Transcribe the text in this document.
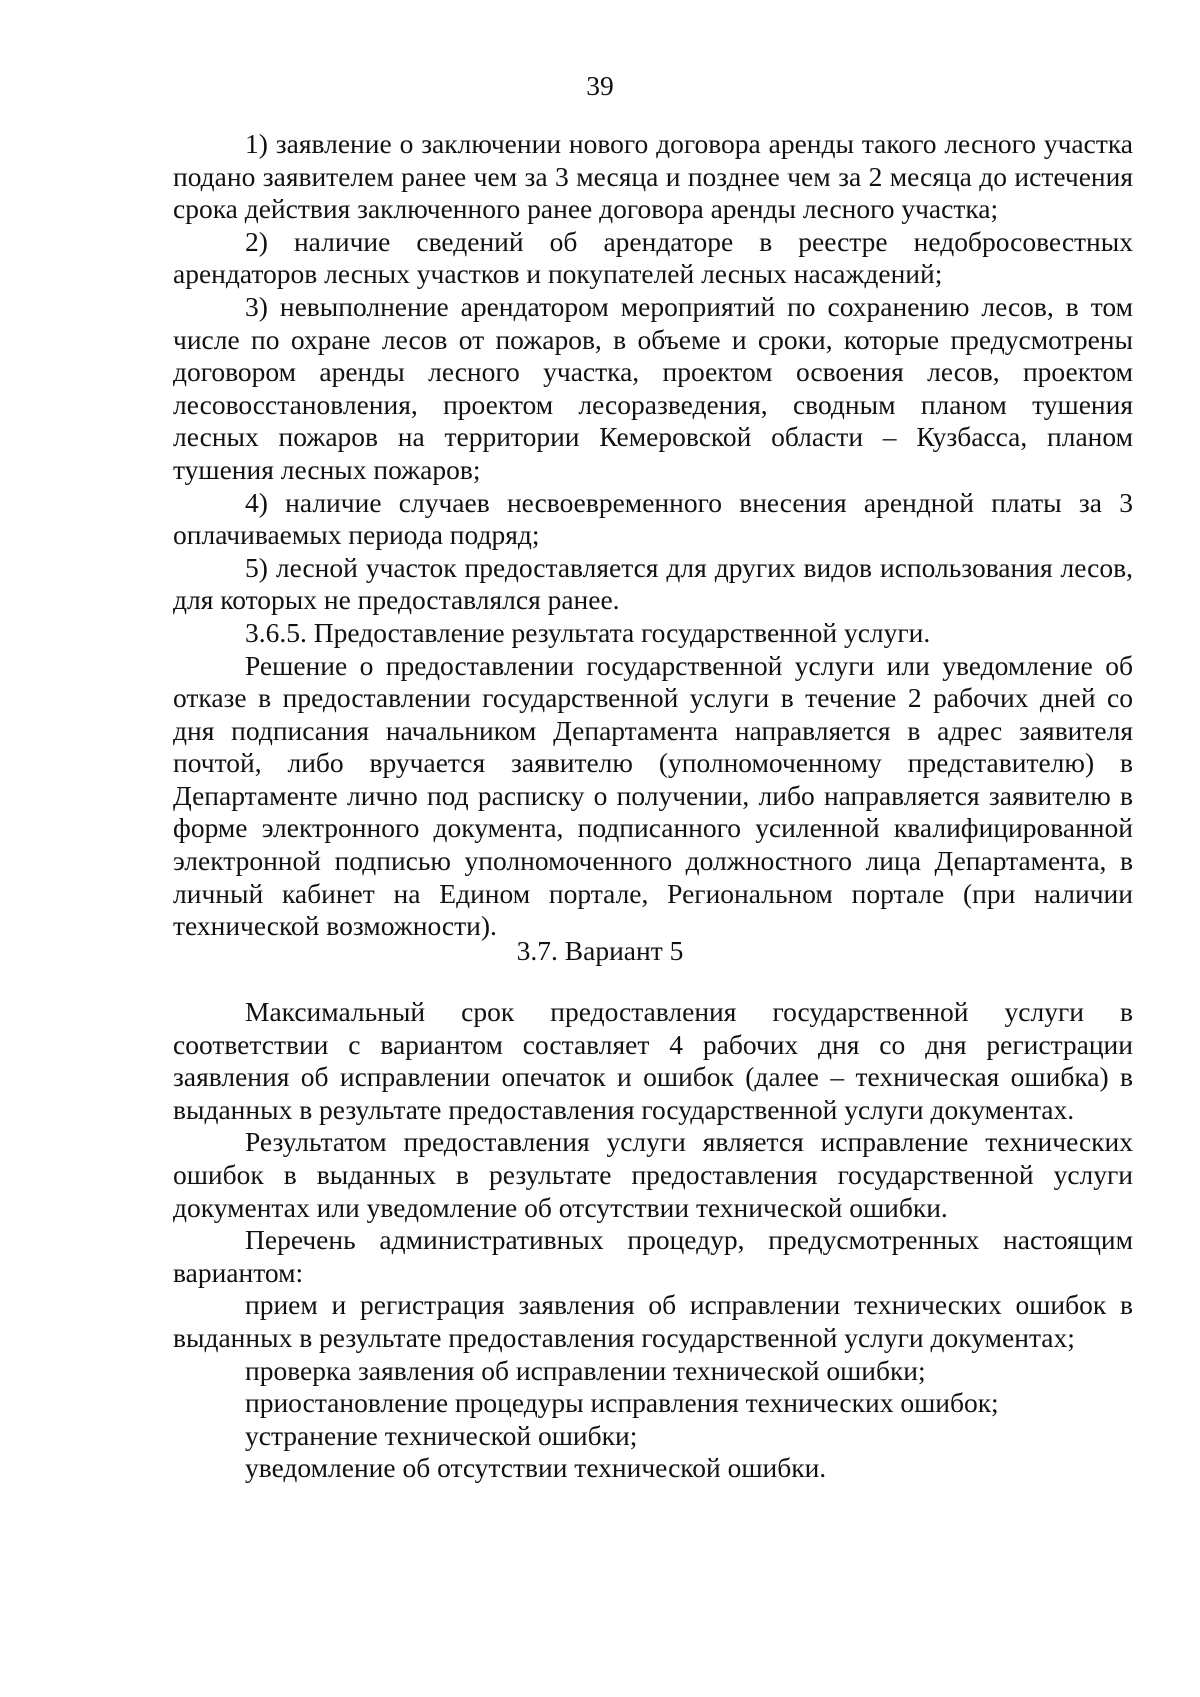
39

1) заявление о заключении нового договора аренды такого лесного участка подано заявителем ранее чем за 3 месяца и позднее чем за 2 месяца до истечения срока действия заключенного ранее договора аренды лесного участка;

2) наличие сведений об арендаторе в реестре недобросовестных арендаторов лесных участков и покупателей лесных насаждений;

3) невыполнение арендатором мероприятий по сохранению лесов, в том числе по охране лесов от пожаров, в объеме и сроки, которые предусмотрены договором аренды лесного участка, проектом освоения лесов, проектом лесовосстановления, проектом лесоразведения, сводным планом тушения лесных пожаров на территории Кемеровской области – Кузбасса, планом тушения лесных пожаров;

4) наличие случаев несвоевременного внесения арендной платы за 3 оплачиваемых периода подряд;

5) лесной участок предоставляется для других видов использования лесов, для которых не предоставлялся ранее.

3.6.5. Предоставление результата государственной услуги.

Решение о предоставлении государственной услуги или уведомление об отказе в предоставлении государственной услуги в течение 2 рабочих дней со дня подписания начальником Департамента направляется в адрес заявителя почтой, либо вручается заявителю (уполномоченному представителю) в Департаменте лично под расписку о получении, либо направляется заявителю в форме электронного документа, подписанного усиленной квалифицированной электронной подписью уполномоченного должностного лица Департамента, в личный кабинет на Едином портале, Региональном портале (при наличии технической возможности).

3.7. Вариант 5

Максимальный срок предоставления государственной услуги в соответствии с вариантом составляет 4 рабочих дня со дня регистрации заявления об исправлении опечаток и ошибок (далее – техническая ошибка) в выданных в результате предоставления государственной услуги документах.

Результатом предоставления услуги является исправление технических ошибок в выданных в результате предоставления государственной услуги документах или уведомление об отсутствии технической ошибки.

Перечень административных процедур, предусмотренных настоящим вариантом:

прием и регистрация заявления об исправлении технических ошибок в выданных в результате предоставления государственной услуги документах;

проверка заявления об исправлении технической ошибки;

приостановление процедуры исправления технических ошибок;

устранение технической ошибки;

уведомление об отсутствии технической ошибки.
